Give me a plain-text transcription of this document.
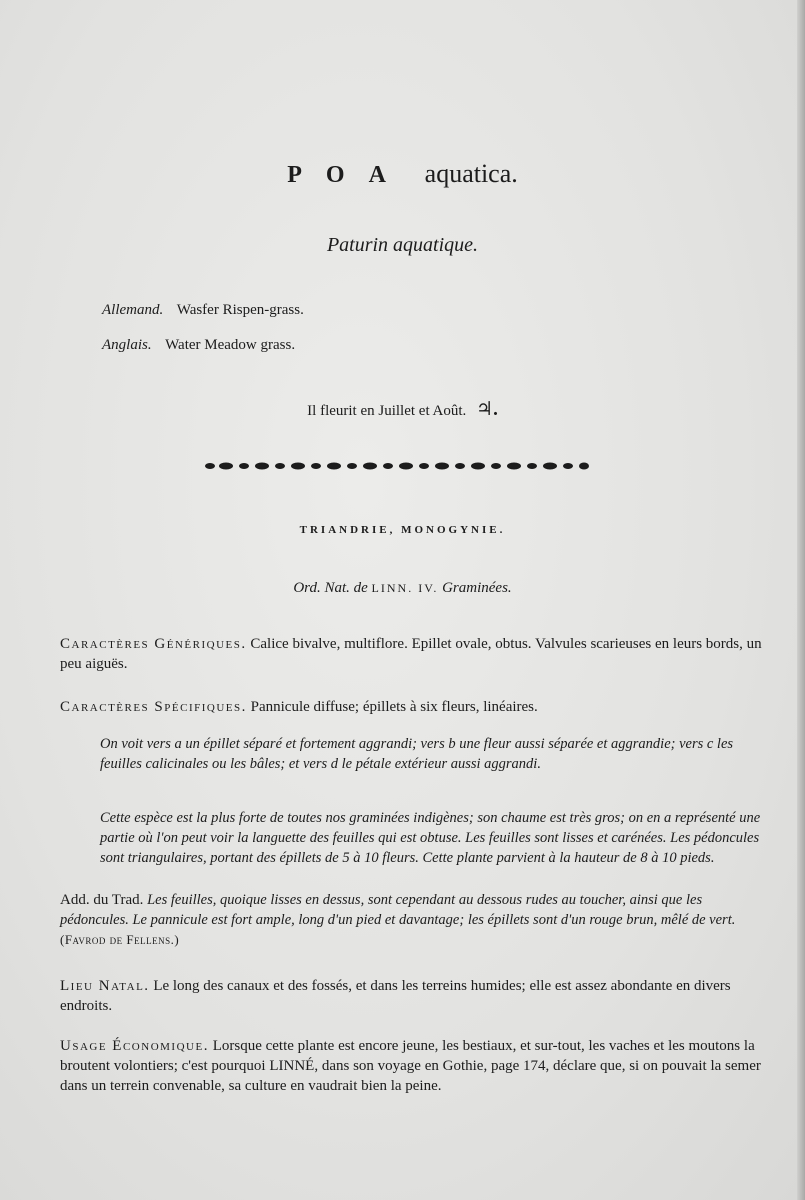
POA aquatica.
Paturin aquatique.
Allemand. Wasfer Rispen-grass.
Anglais. Water Meadow grass.
Il fleurit en Juillet et Août. ♃.
TRIANDRIE, MONOGYNIE.
Ord. Nat. de LINN. IV. Graminées.
Caractères Génériques. Calice bivalve, multiflore. Epillet ovale, obtus. Valvules scarieuses en leurs bords, un peu aiguës.
Caractères Spécifiques. Pannicule diffuse; épillets à six fleurs, linéaires.
On voit vers a un épillet séparé et fortement aggrandi; vers b une fleur aussi séparée et aggrandie; vers c les feuilles calicinales ou les bâles; et vers d le pétale extérieur aussi aggrandi.
Cette espèce est la plus forte de toutes nos graminées indigènes; son chaume est très gros; on en a représenté une partie où l'on peut voir la languette des feuilles qui est obtuse. Les feuilles sont lisses et carénées. Les pédoncules sont triangulaires, portant des épillets de 5 à 10 fleurs. Cette plante parvient à la hauteur de 8 à 10 pieds.
Add. du Trad. Les feuilles, quoique lisses en dessus, sont cependant au dessous rudes au toucher, ainsi que les pédoncules. Le pannicule est fort ample, long d'un pied et davantage; les épillets sont d'un rouge brun, mêlé de vert. (Favrod de Fellens.)
Lieu Natal. Le long des canaux et des fossés, et dans les terreins humides; elle est assez abondante en divers endroits.
Usage Économique. Lorsque cette plante est encore jeune, les bestiaux, et sur-tout, les vaches et les moutons la broutent volontiers; c'est pourquoi LINNÉ, dans son voyage en Gothie, page 174, déclare que, si on pouvait la semer dans un terrein convenable, sa culture en vaudrait bien la peine.
